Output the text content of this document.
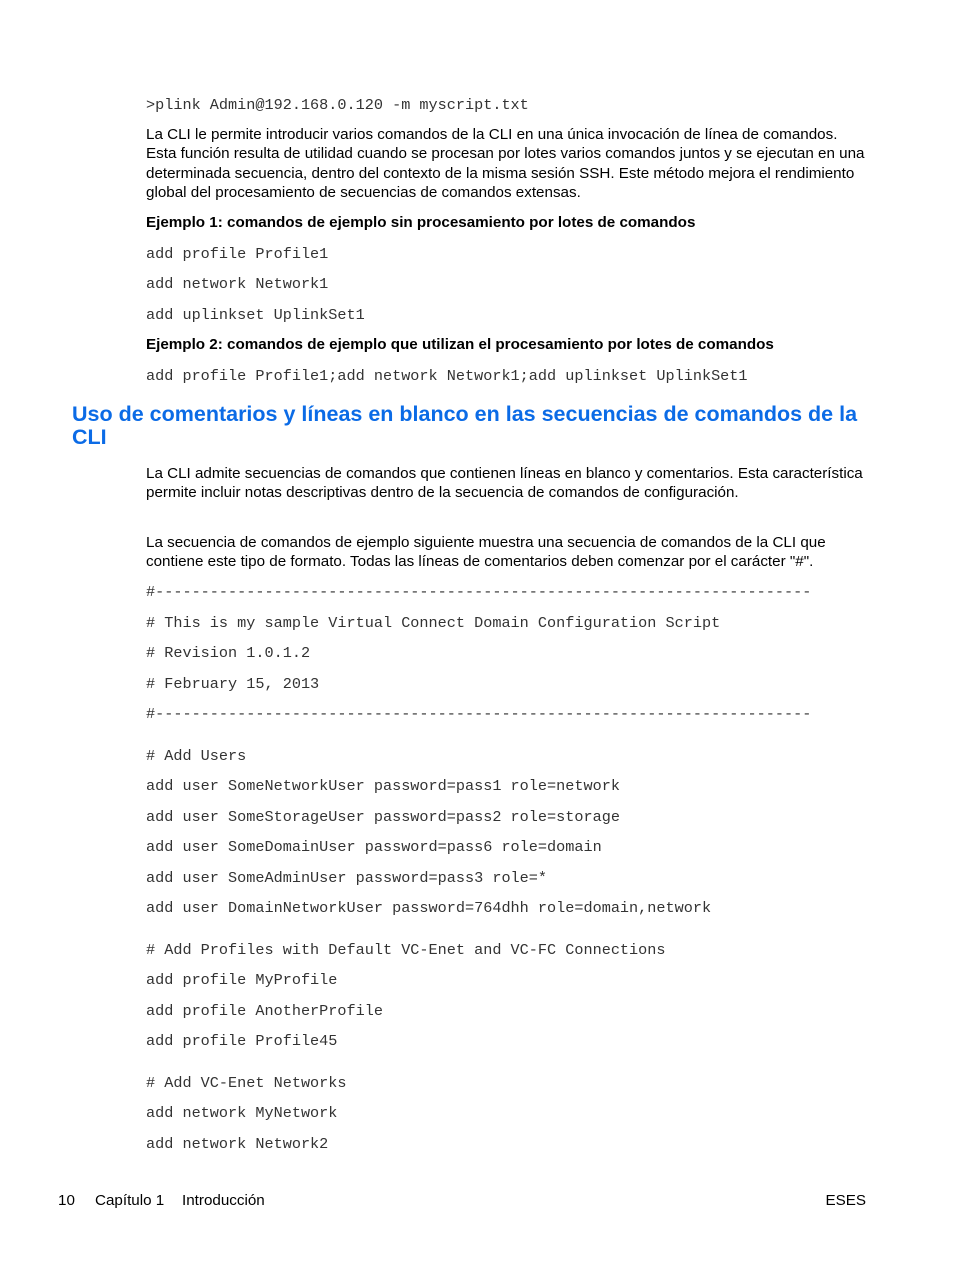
>plink Admin@192.168.0.120 -m myscript.txt

La CLI le permite introducir varios comandos de la CLI en una única invocación de línea de comandos. Esta función resulta de utilidad cuando se procesan por lotes varios comandos juntos y se ejecutan en una determinada secuencia, dentro del contexto de la misma sesión SSH. Este método mejora el rendimiento global del procesamiento de secuencias de comandos extensas.

Ejemplo 1: comandos de ejemplo sin procesamiento por lotes de comandos
add profile Profile1
add network Network1
add uplinkset UplinkSet1
Ejemplo 2: comandos de ejemplo que utilizan el procesamiento por lotes de comandos
add profile Profile1;add network Network1;add uplinkset UplinkSet1
Uso de comentarios y líneas en blanco en las secuencias de comandos de la CLI

La CLI admite secuencias de comandos que contienen líneas en blanco y comentarios. Esta característica permite incluir notas descriptivas dentro de la secuencia de comandos de configuración.

La secuencia de comandos de ejemplo siguiente muestra una secuencia de comandos de la CLI que contiene este tipo de formato. Todas las líneas de comentarios deben comenzar por el carácter "#".

#------------------------------------------------------------------------
# This is my sample Virtual Connect Domain Configuration Script
# Revision 1.0.1.2
# February 15, 2013
#------------------------------------------------------------------------
# Add Users
add user SomeNetworkUser password=pass1 role=network
add user SomeStorageUser password=pass2 role=storage
add user SomeDomainUser password=pass6 role=domain
add user SomeAdminUser password=pass3 role=*
add user DomainNetworkUser password=764dhh role=domain,network
# Add Profiles with Default VC-Enet and VC-FC Connections
add profile MyProfile
add profile AnotherProfile
add profile Profile45
# Add VC-Enet Networks
add network MyNetwork
add network Network2
10 Capítulo 1 Introducción	ESES
